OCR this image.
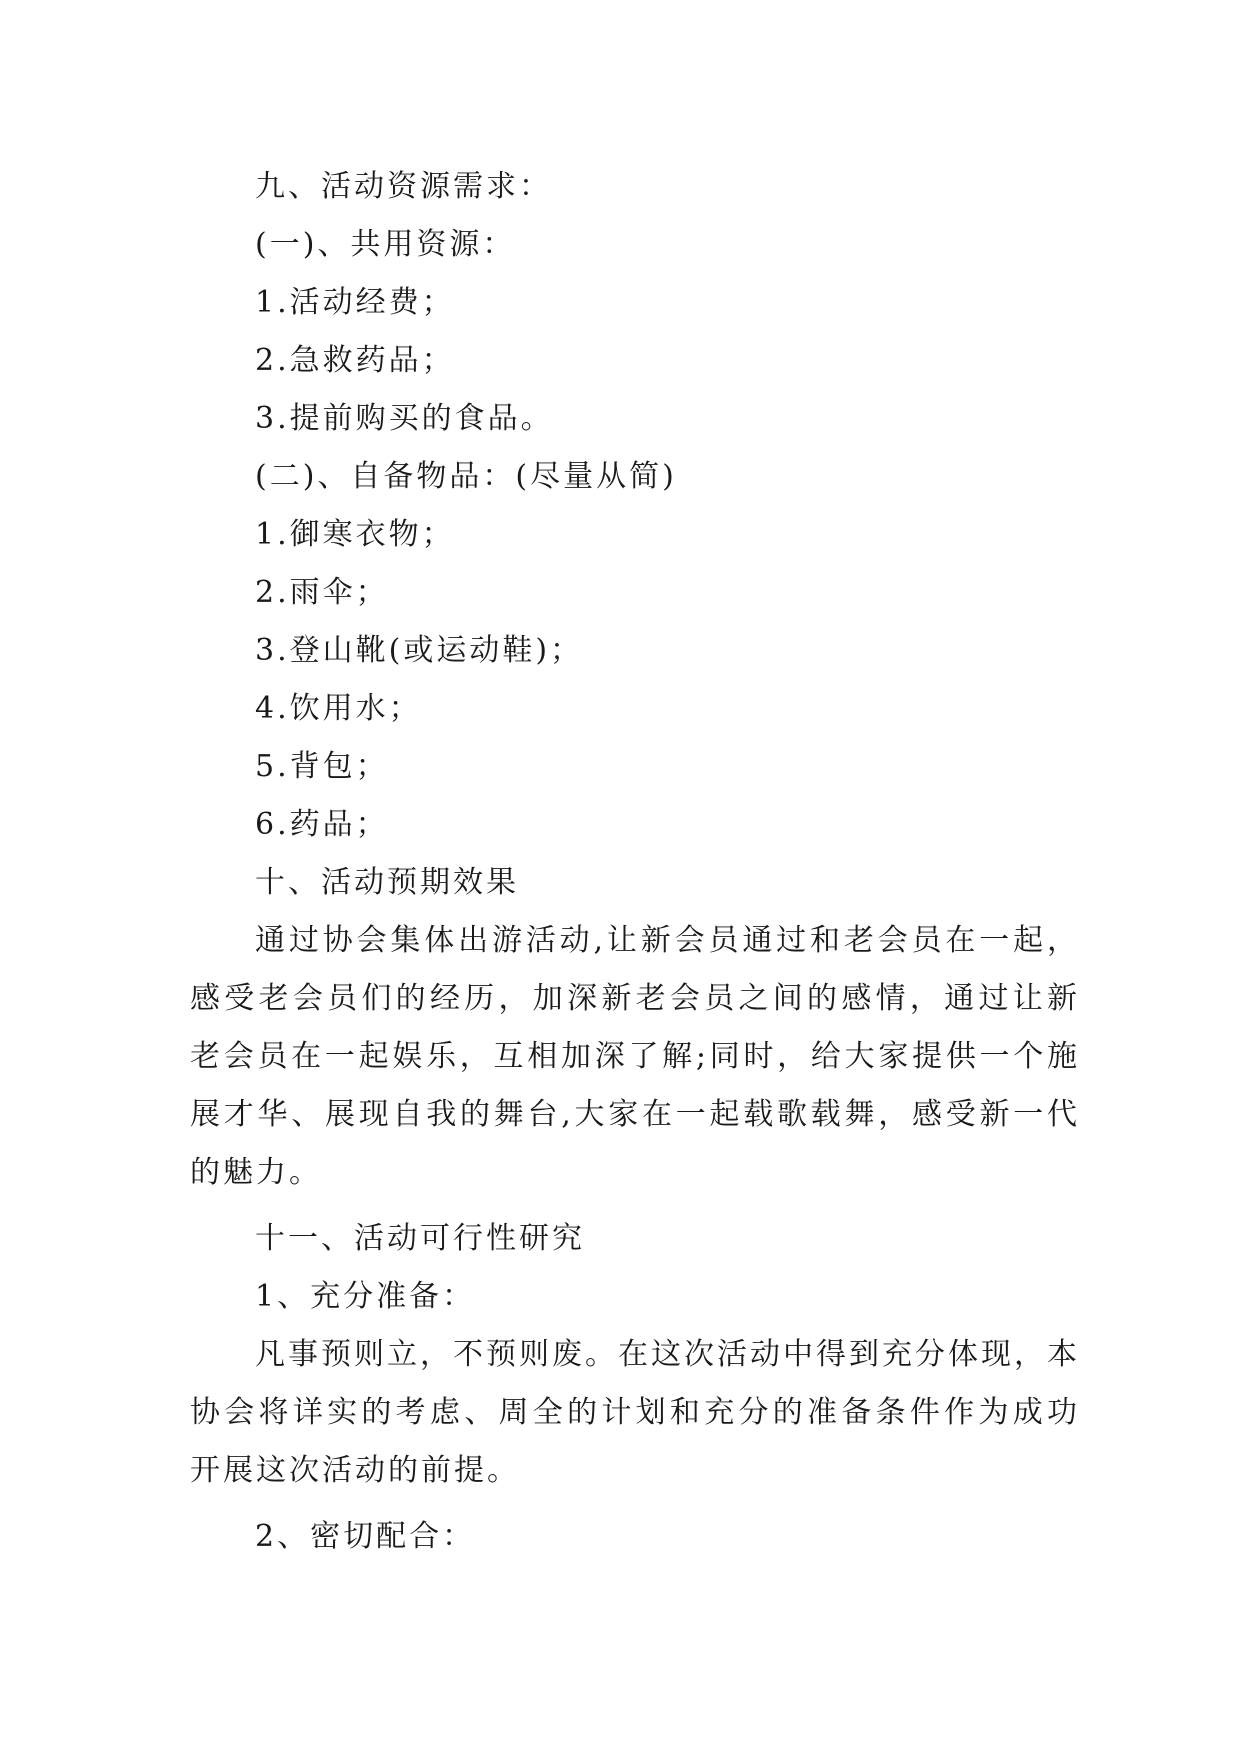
九、活动资源需求：
(一)、共用资源：
1.活动经费；
2.急救药品；
3.提前购买的食品。
(二)、自备物品：(尽量从简)
1.御寒衣物；
2.雨伞；
3.登山靴(或运动鞋)；
4.饮用水；
5.背包；
6.药品；
十、活动预期效果

通过协会集体出游活动,让新会员通过和老会员在一起，感受老会员们的经历，加深新老会员之间的感情，通过让新老会员在一起娱乐，互相加深了解;同时，给大家提供一个施展才华、展现自我的舞台,大家在一起载歌载舞，感受新一代的魅力。

十一、活动可行性研究
1、充分准备：

凡事预则立，不预则废。在这次活动中得到充分体现，本协会将详实的考虑、周全的计划和充分的准备条件作为成功开展这次活动的前提。

2、密切配合：
